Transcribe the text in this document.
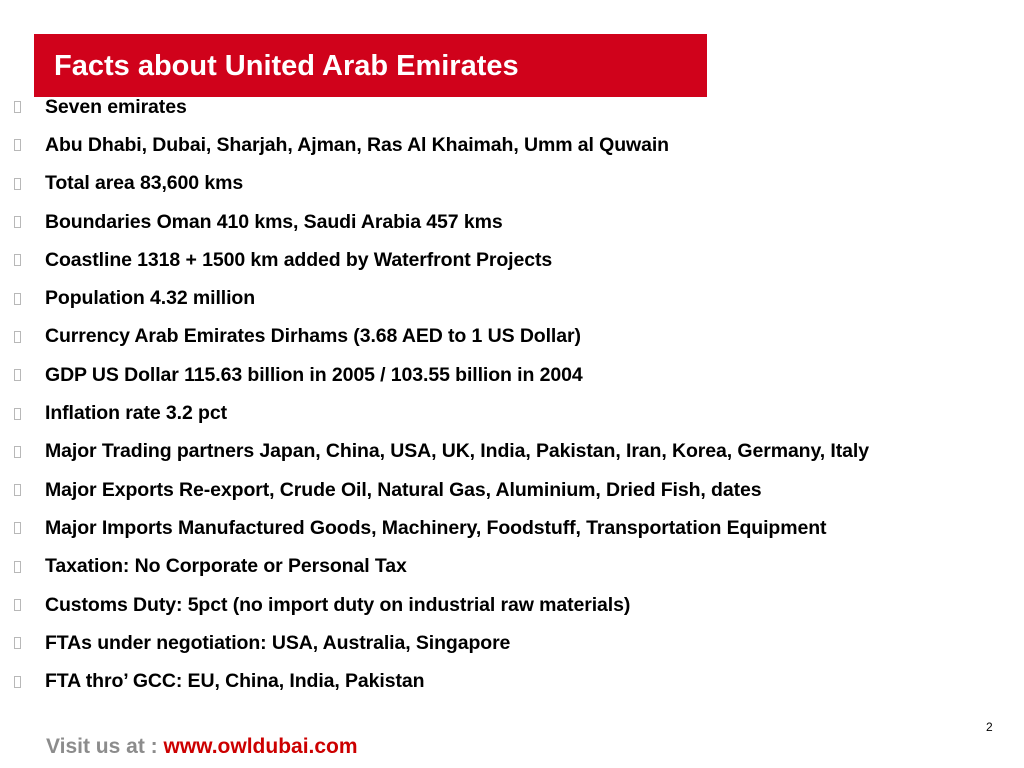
Facts about United Arab Emirates
Seven emirates
Abu Dhabi, Dubai, Sharjah, Ajman, Ras Al Khaimah, Umm al Quwain
Total area 83,600 kms
Boundaries Oman 410 kms, Saudi Arabia 457 kms
Coastline 1318 + 1500 km added by Waterfront Projects
Population 4.32 million
Currency Arab Emirates Dirhams (3.68 AED to 1 US Dollar)
GDP US Dollar 115.63 billion in 2005 / 103.55 billion in 2004
Inflation rate 3.2 pct
Major Trading partners Japan, China, USA, UK, India, Pakistan, Iran, Korea, Germany, Italy
Major Exports Re-export, Crude Oil, Natural Gas, Aluminium, Dried Fish, dates
Major Imports Manufactured Goods, Machinery, Foodstuff, Transportation Equipment
Taxation: No Corporate or Personal Tax
Customs Duty: 5pct (no import duty on industrial raw materials)
FTAs under negotiation: USA, Australia, Singapore
FTA thro’ GCC: EU, China, India, Pakistan
2
Visit us at : www.owldubai.com
